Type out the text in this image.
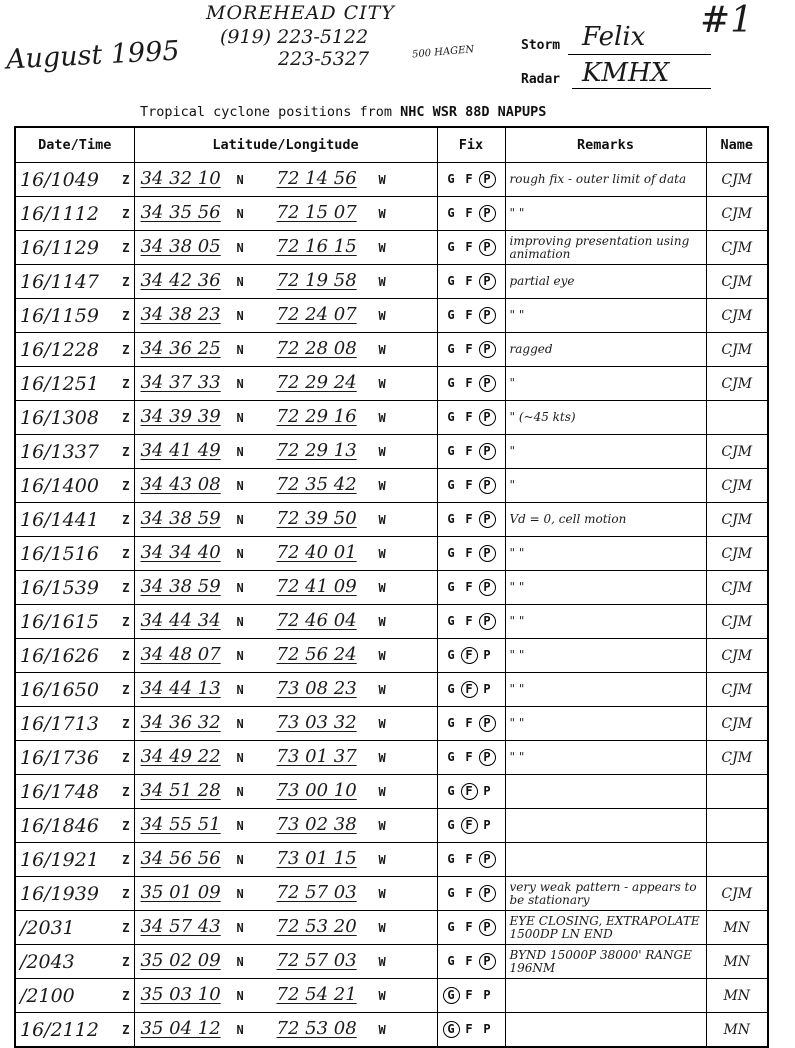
August 1995
MOREHEAD CITY
(919) 223-5122
223-5327	500 HAGEN
#1
Storm Felix
Radar KMHX
Tropical cyclone positions from NHC WSR 88D NAPUPS
Date/Time	Latitude/Longitude	Fix	Remarks	Name
16/1049 Z	34 32 10 N 72 14 56 W	G F P	rough fix - outer limit of data	CJM
16/1112 Z	34 35 56 N 72 15 07 W	G F P	" "	CJM
16/1129 Z	34 38 05 N 72 16 15 W	G F P	improving presentation using animation	CJM
16/1147 Z	34 42 36 N 72 19 58 W	G F P	partial eye	CJM
16/1159 Z	34 38 23 N 72 24 07 W	G F P	" "	CJM
16/1228 Z	34 36 25 N 72 28 08 W	G F P	ragged	CJM
16/1251 Z	34 37 33 N 72 29 24 W	G F P	"	CJM
16/1308 Z	34 39 39 N 72 29 16 W	G F P	" (~45 kts)	
16/1337 Z	34 41 49 N 72 29 13 W	G F P	"	CJM
16/1400 Z	34 43 08 N 72 35 42 W	G F P	"	CJM
16/1441 Z	34 38 59 N 72 39 50 W	G F P	Vd = 0, cell motion	CJM
16/1516 Z	34 34 40 N 72 40 01 W	G F P	" "	CJM
16/1539 Z	34 38 59 N 72 41 09 W	G F P	" "	CJM
16/1615 Z	34 44 34 N 72 46 04 W	G F P	" "	CJM
16/1626 Z	34 48 07 N 72 56 24 W	G F P	" "	CJM
16/1650 Z	34 44 13 N 73 08 23 W	G F P	" "	CJM
16/1713 Z	34 36 32 N 73 03 32 W	G F P	" "	CJM
16/1736 Z	34 49 22 N 73 01 37 W	G F P	" "	CJM
16/1748 Z	34 51 28 N 73 00 10 W	G F P		
16/1846 Z	34 55 51 N 73 02 38 W	G F P		
16/1921 Z	34 56 56 N 73 01 15 W	G F P		
16/1939 Z	35 01 09 N 72 57 03 W	G F P	very weak pattern - appears to be stationary	CJM
/2031 Z	34 57 43 N 72 53 20 W	G F P	EYE CLOSING, EXTRAPOLATE 1500DP LN END	MN
/2043 Z	35 02 09 N 72 57 03 W	G F P	BYND 15000P 38000' RANGE 196NM	MN
/2100 Z	35 03 10 N 72 54 21 W	G F P		MN
16/2112 Z	35 04 12 N 72 53 08 W	G F P		MN
